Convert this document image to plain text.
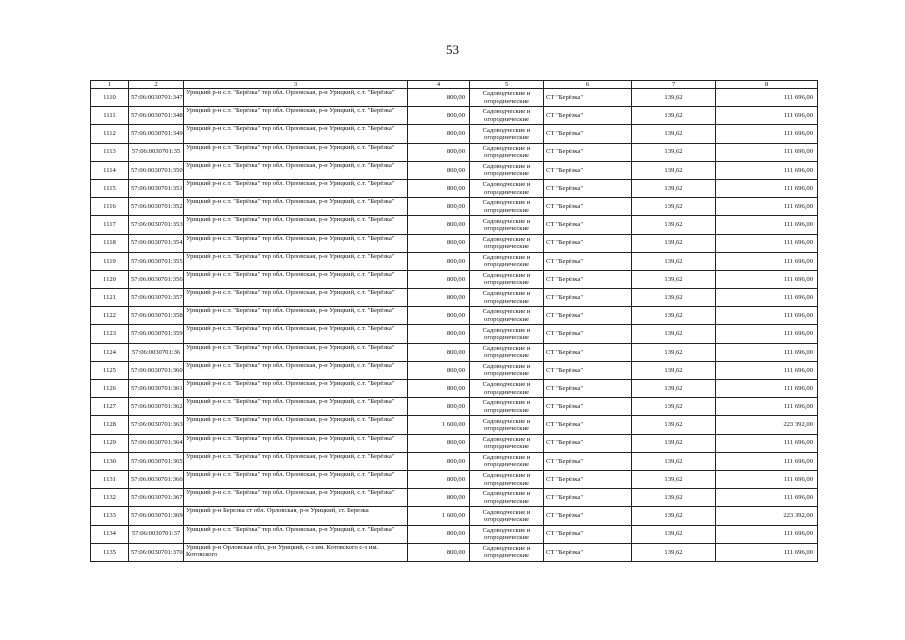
53
1	2	3	4	5	6	7	8
1110	57:06:0030701:347	Урицкий р-н с.т. "Берёзка" тер обл. Орловская, р-н Урицкий, с.т. "Берёзка"	800,00	Садоводческие и огороднические	СТ "Берёзка"	139,62	111 696,00
1111	57:06:0030701:348	Урицкий р-н с.т. "Берёзка" тер обл. Орловская, р-н Урицкий, с.т. "Берёзка"	800,00	Садоводческие и огороднические	СТ "Берёзка"	139,62	111 696,00
1112	57:06:0030701:349	Урицкий р-н с.т. "Берёзка" тер обл. Орловская, р-н Урицкий, с.т. "Берёзка"	800,00	Садоводческие и огороднические	СТ "Берёзка"	139,62	111 696,00
1113	57:06:0030701:35	Урицкий р-н с.т. "Берёзка" тер обл. Орловская, р-н Урицкий, с.т. "Берёзка"	800,00	Садоводческие и огороднические	СТ "Берёзка"	139,62	111 696,00
1114	57:06:0030701:350	Урицкий р-н с.т. "Берёзка" тер обл. Орловская, р-н Урицкий, с.т. "Берёзка"	800,00	Садоводческие и огороднические	СТ "Берёзка"	139,62	111 696,00
1115	57:06:0030701:351	Урицкий р-н с.т. "Берёзка" тер обл. Орловская, р-н Урицкий, с.т. "Берёзка"	800,00	Садоводческие и огороднические	СТ "Берёзка"	139,62	111 696,00
1116	57:06:0030701:352	Урицкий р-н с.т. "Берёзка" тер обл. Орловская, р-н Урицкий, с.т. "Берёзка"	800,00	Садоводческие и огороднические	СТ "Берёзка"	139,62	111 696,00
1117	57:06:0030701:353	Урицкий р-н с.т. "Берёзка" тер обл. Орловская, р-н Урицкий, с.т. "Берёзка"	800,00	Садоводческие и огороднические	СТ "Берёзка"	139,62	111 696,00
1118	57:06:0030701:354	Урицкий р-н с.т. "Берёзка" тер обл. Орловская, р-н Урицкий, с.т. "Берёзка"	800,00	Садоводческие и огороднические	СТ "Берёзка"	139,62	111 696,00
1119	57:06:0030701:355	Урицкий р-н с.т. "Берёзка" тер обл. Орловская, р-н Урицкий, с.т. "Берёзка"	800,00	Садоводческие и огороднические	СТ "Берёзка"	139,62	111 696,00
1120	57:06:0030701:356	Урицкий р-н с.т. "Берёзка" тер обл. Орловская, р-н Урицкий, с.т. "Берёзка"	800,00	Садоводческие и огороднические	СТ "Берёзка"	139,62	111 696,00
1121	57:06:0030701:357	Урицкий р-н с.т. "Берёзка" тер обл. Орловская, р-н Урицкий, с.т. "Берёзка"	800,00	Садоводческие и огороднические	СТ "Берёзка"	139,62	111 696,00
1122	57:06:0030701:358	Урицкий р-н с.т. "Берёзка" тер обл. Орловская, р-н Урицкий, с.т. "Берёзка"	800,00	Садоводческие и огороднические	СТ "Берёзка"	139,62	111 696,00
1123	57:06:0030701:359	Урицкий р-н с.т. "Берёзка" тер обл. Орловская, р-н Урицкий, с.т. "Берёзка"	800,00	Садоводческие и огороднические	СТ "Берёзка"	139,62	111 696,00
1124	57:06:0030701:36	Урицкий р-н с.т. "Берёзка" тер обл. Орловская, р-н Урицкий, с.т. "Берёзка"	800,00	Садоводческие и огороднические	СТ "Берёзка"	139,62	111 696,00
1125	57:06:0030701:360	Урицкий р-н с.т. "Берёзка" тер обл. Орловская, р-н Урицкий, с.т. "Берёзка"	800,00	Садоводческие и огороднические	СТ "Берёзка"	139,62	111 696,00
1126	57:06:0030701:361	Урицкий р-н с.т. "Берёзка" тер обл. Орловская, р-н Урицкий, с.т. "Берёзка"	800,00	Садоводческие и огороднические	СТ "Берёзка"	139,62	111 696,00
1127	57:06:0030701:362	Урицкий р-н с.т. "Берёзка" тер обл. Орловская, р-н Урицкий, с.т. "Берёзка"	800,00	Садоводческие и огороднические	СТ "Берёзка"	139,62	111 696,00
1128	57:06:0030701:363	Урицкий р-н с.т. "Берёзка" тер обл. Орловская, р-н Урицкий, с.т. "Берёзка"	1 600,00	Садоводческие и огороднические	СТ "Берёзка"	139,62	223 392,00
1129	57:06:0030701:364	Урицкий р-н с.т. "Берёзка" тер обл. Орловская, р-н Урицкий, с.т. "Берёзка"	800,00	Садоводческие и огороднические	СТ "Берёзка"	139,62	111 696,00
1130	57:06:0030701:365	Урицкий р-н с.т. "Берёзка" тер обл. Орловская, р-н Урицкий, с.т. "Берёзка"	800,00	Садоводческие и огороднические	СТ "Берёзка"	139,62	111 696,00
1131	57:06:0030701:366	Урицкий р-н с.т. "Берёзка" тер обл. Орловская, р-н Урицкий, с.т. "Берёзка"	800,00	Садоводческие и огороднические	СТ "Берёзка"	139,62	111 696,00
1132	57:06:0030701:367	Урицкий р-н с.т. "Берёзка" тер обл. Орловская, р-н Урицкий, с.т. "Берёзка"	800,00	Садоводческие и огороднические	СТ "Берёзка"	139,62	111 696,00
1133	57:06:0030701:369	Урицкий р-н Березка ст обл. Орловская, р-н Урицкий, ст. Березка	1 600,00	Садоводческие и огороднические	СТ "Берёзка"	139,62	223 392,00
1134	57:06:0030701:37	Урицкий р-н с.т. "Берёзка" тер обл. Орловская, р-н Урицкий, с.т. "Берёзка"	800,00	Садоводческие и огороднические	СТ "Берёзка"	139,62	111 696,00
1135	57:06:0030701:370	Урицкий р-н Орловская обл, р-н Урицкий, с-з им. Котовского с-з им. Котовского	800,00	Садоводческие и огороднические	СТ "Берёзка"	139,62	111 696,00
